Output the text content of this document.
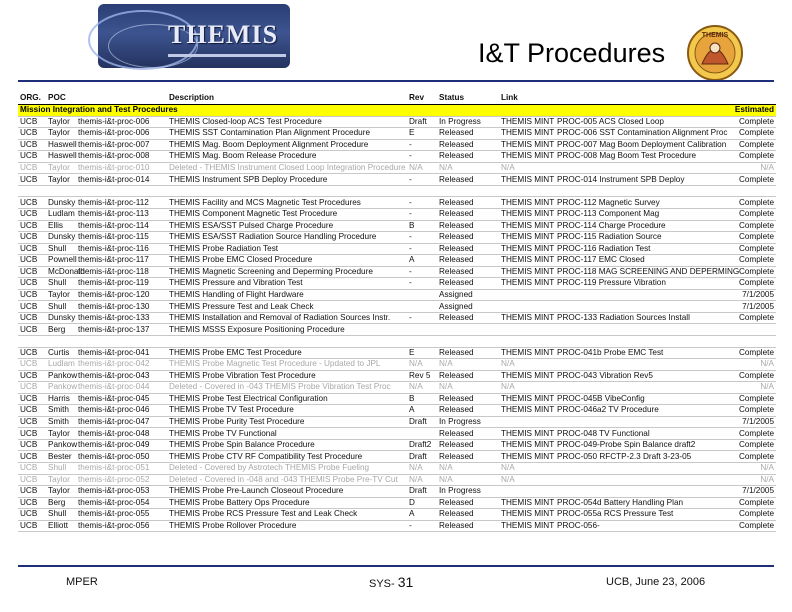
THEMIS
I&T Procedures
THEMIS
ORG.	POC		Description	Rev	Status	Link		
Mission Integration and Test Procedures								Estimated
UCB	Taylor	themis-i&t-proc-006	THEMIS Closed-loop ACS Test Procedure	Draft	In Progress	THEMIS MINT	PROC-005 ACS Closed Loop	Complete
UCB	Taylor	themis-i&t-proc-006	THEMIS SST Contamination Plan Alignment Procedure	E	Released	THEMIS MINT	PROC-006 SST Contamination Alignment Proc	Complete
UCB	Haswell	themis-i&t-proc-007	THEMIS Mag. Boom Deployment Alignment Procedure	-	Released	THEMIS MINT	PROC-007 Mag Boom Deployment Calibration	Complete
UCB	Haswell	themis-i&t-proc-008	THEMIS Mag. Boom Release Procedure	-	Released	THEMIS MINT	PROC-008 Mag Boom Test Procedure	Complete
UCB	Taylor	themis-i&t-proc-010	Deleted - THEMIS Instrument Closed Loop Integration Procedure	N/A	N/A	N/A		N/A
UCB	Taylor	themis-i&t-proc-014	THEMIS Instrument SPB Deploy Procedure	-	Released	THEMIS MINT	PROC-014 Instrument SPB Deploy	Complete

UCB	Dunsky	themis-i&t-proc-112	THEMIS Facility and MCS Magnetic Test Procedures	-	Released	THEMIS MINT	PROC-112 Magnetic Survey	Complete
UCB	Ludlam	themis-i&t-proc-113	THEMIS Component Magnetic Test Procedure	-	Released	THEMIS MINT	PROC-113 Component Mag	Complete
UCB	Ellis	themis-i&t-proc-114	THEMIS ESA/SST Pulsed Charge Procedure	B	Released	THEMIS MINT	PROC-114 Charge Procedure	Complete
UCB	Dunsky	themis-i&t-proc-115	THEMIS ESA/SST Radiation Source Handling Procedure	-	Released	THEMIS MINT	PROC-115 Radiation Source	Complete
UCB	Shull	themis-i&t-proc-116	THEMIS Probe Radiation Test	-	Released	THEMIS MINT	PROC-116 Radiation Test	Complete
UCB	Pownell	themis-i&t-proc-117	THEMIS Probe EMC Closed Procedure	A	Released	THEMIS MINT	PROC-117 EMC Closed	Complete
UCB	McDonald	themis-i&t-proc-118	THEMIS Magnetic Screening and Deperming Procedure	-	Released	THEMIS MINT	PROC-118 MAG SCREENING AND DEPERMING	Complete
UCB	Shull	themis-i&t-proc-119	THEMIS Pressure and Vibration Test	-	Released	THEMIS MINT	PROC-119 Pressure Vibration	Complete
UCB	Taylor	themis-i&t-proc-120	THEMIS Handling of Flight Hardware		Assigned			7/1/2005
UCB	Shull	themis-i&t-proc-130	THEMIS Pressure Test and Leak Check		Assigned			7/1/2005
UCB	Dunsky	themis-i&t-proc-133	THEMIS Installation and Removal of Radiation Sources Instr.	-	Released	THEMIS MINT	PROC-133 Radiation Sources Install	Complete
UCB	Berg	themis-i&t-proc-137	THEMIS MSSS Exposure Positioning Procedure					

UCB	Curtis	themis-i&t-proc-041	THEMIS Probe EMC Test Procedure	E	Released	THEMIS MINT	PROC-041b Probe EMC Test	Complete
UCB	Ludlam	themis-i&t-proc-042	THEMIS Probe Magnetic Test Procedure - Updated to JPL	N/A	N/A	N/A		N/A
UCB	Pankow	themis-i&t-proc-043	THEMIS Probe Vibration Test Procedure	Rev 5	Released	THEMIS MINT	PROC-043 Vibration Rev5	Complete
UCB	Pankow	themis-i&t-proc-044	Deleted - Covered in -043 THEMIS Probe Vibration Test Proc	N/A	N/A	N/A		N/A
UCB	Harris	themis-i&t-proc-045	THEMIS Probe Test Electrical Configuration	B	Released	THEMIS MINT	PROC-045B VibeConfig	Complete
UCB	Smith	themis-i&t-proc-046	THEMIS Probe TV Test Procedure	A	Released	THEMIS MINT	PROC-046a2 TV Procedure	Complete
UCB	Smith	themis-i&t-proc-047	THEMIS Probe Purity Test Procedure	Draft	In Progress			7/1/2005
UCB	Taylor	themis-i&t-proc-048	THEMIS Probe TV Functional		Released	THEMIS MINT	PROC-048 TV Functional	Complete
UCB	Pankow	themis-i&t-proc-049	THEMIS Probe Spin Balance Procedure	Draft2	Released	THEMIS MINT	PROC-049-Probe Spin Balance draft2	Complete
UCB	Bester	themis-i&t-proc-050	THEMIS Probe CTV RF Compatibility Test Procedure	Draft	Released	THEMIS MINT	PROC-050 RFCTP-2.3 Draft 3-23-05	Complete
UCB	Shull	themis-i&t-proc-051	Deleted - Covered by Astrotech THEMIS Probe Fueling	N/A	N/A	N/A		N/A
UCB	Taylor	themis-i&t-proc-052	Deleted - Covered in -048 and -043 THEMIS Probe Pre-TV Cut	N/A	N/A	N/A		N/A
UCB	Taylor	themis-i&t-proc-053	THEMIS Probe Pre-Launch Closeout Procedure	Draft	In Progress			7/1/2005
UCB	Berg	themis-i&t-proc-054	THEMIS Probe Battery Ops Procedure	D	Released	THEMIS MINT	PROC-054d Battery Handling Plan	Complete
UCB	Shull	themis-i&t-proc-055	THEMIS Probe RCS Pressure Test and Leak Check	A	Released	THEMIS MINT	PROC-055a RCS Pressure Test	Complete
UCB	Elliott	themis-i&t-proc-056	THEMIS Probe Rollover Procedure	-	Released	THEMIS MINT	PROC-056-	Complete
MPER	SYS- 31	UCB, June 23, 2006
